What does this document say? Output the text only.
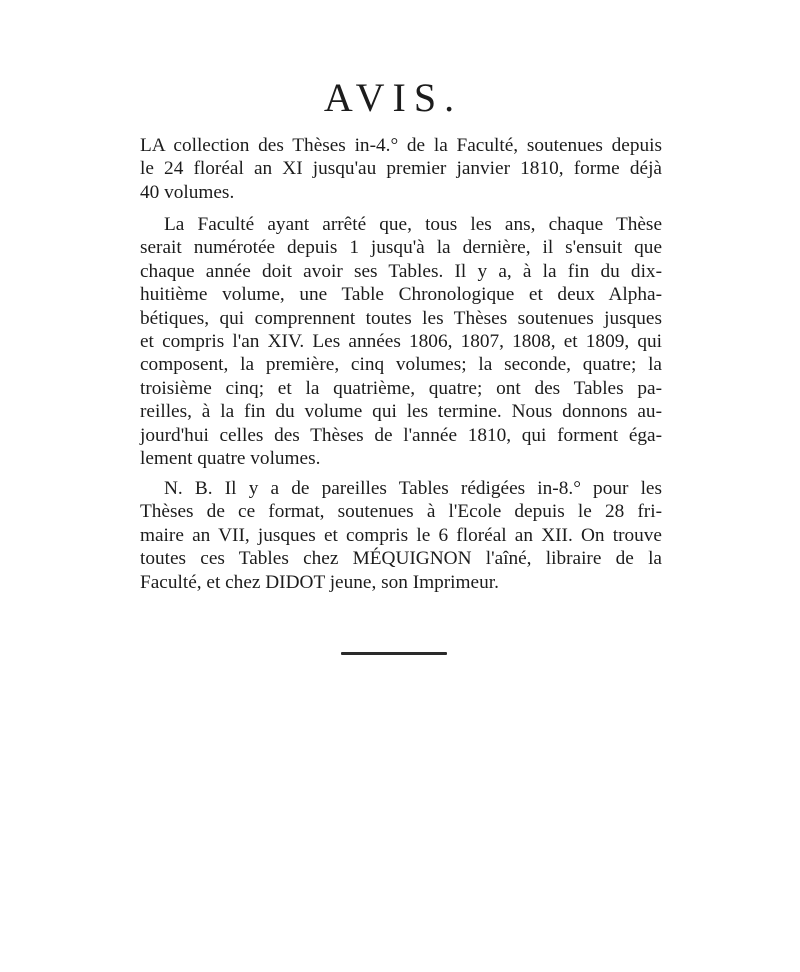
AVIS.
LA collection des Thèses in-4.° de la Faculté, soutenues depuis
le 24 floréal an XI jusqu'au premier janvier 1810, forme déjà
40 volumes.
La Faculté ayant arrêté que, tous les ans, chaque Thèse
serait numérotée depuis 1 jusqu'à la dernière, il s'ensuit que
chaque année doit avoir ses Tables. Il y a, à la fin du dix-
huitième volume, une Table Chronologique et deux Alpha-
bétiques, qui comprennent toutes les Thèses soutenues jusques
et compris l'an XIV. Les années 1806, 1807, 1808, et 1809, qui
composent, la première, cinq volumes; la seconde, quatre; la
troisième cinq; et la quatrième, quatre; ont des Tables pa-
reilles, à la fin du volume qui les termine. Nous donnons au-
jourd'hui celles des Thèses de l'année 1810, qui forment éga-
lement quatre volumes.
N. B. Il y a de pareilles Tables rédigées in-8.° pour les
Thèses de ce format, soutenues à l'Ecole depuis le 28 fri-
maire an VII, jusques et compris le 6 floréal an XII. On trouve
toutes ces Tables chez MÉQUIGNON l'aîné, libraire de la
Faculté, et chez DIDOT jeune, son Imprimeur.
